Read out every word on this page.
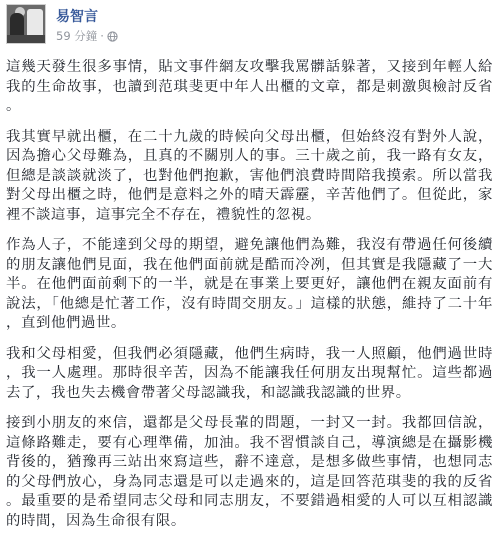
易智言
59 分鐘 ·

這幾天發生很多事情，貼文事件網友攻擊我罵髒話躲著，又接到年輕人給我的生命故事，也讀到范琪斐更中年人出櫃的文章，都是刺激與檢討反省。

我其實早就出櫃，在二十九歲的時候向父母出櫃，但始終沒有對外人說，因為擔心父母難為，且真的不關別人的事。三十歲之前，我一路有女友，但總是談談就淡了，也對他們抱歉，害他們浪費時間陪我摸索。所以當我對父母出櫃之時，他們是意料之外的晴天霹靂，辛苦他們了。但從此，家裡不談這事，這事完全不存在，禮貌性的忽視。

作為人子，不能達到父母的期望，避免讓他們為難，我沒有帶過任何後續的朋友讓他們見面，我在他們面前就是酷而冷冽，但其實是我隱藏了一大半。在他們面前剩下的一半，就是在事業上要更好，讓他們在親友面前有說法，「他總是忙著工作，沒有時間交朋友。」這樣的狀態，維持了二十年，直到他們過世。

我和父母相愛，但我們必須隱藏，他們生病時，我一人照顧，他們過世時，我一人處理。那時很辛苦，因為不能讓我任何朋友出現幫忙。這些都過去了，我也失去機會帶著父母認識我，和認識我認識的世界。

接到小朋友的來信，還都是父母長輩的問題，一封又一封。我都回信說，這條路難走，要有心理準備，加油。我不習慣談自己，導演總是在攝影機背後的，猶豫再三站出來寫這些，辭不達意，是想多做些事情，也想同志的父母們放心，身為同志還是可以走過來的，這是回答范琪斐的我的反省。最重要的是希望同志父母和同志朋友，不要錯過相愛的人可以互相認識的時間，因為生命很有限。
